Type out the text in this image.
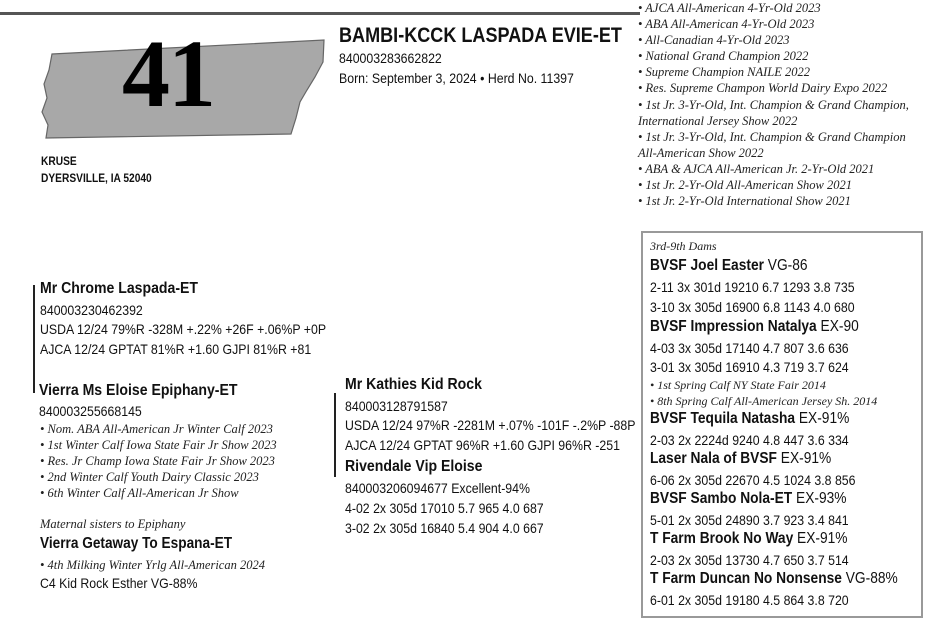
41	BAMBI-KCCK LASPADA EVIE-ET
840003283662822
Born: September 3, 2024 • Herd No. 11397
KRUSE
DYERSVILLE, IA 52040
• AJCA All-American 4-Yr-Old 2023
• ABA All-American 4-Yr-Old 2023
• All-Canadian 4-Yr-Old 2023
• National Grand Champion 2022
• Supreme Champion NAILE 2022
• Res. Supreme Champon World Dairy Expo 2022
• 1st Jr. 3-Yr-Old, Int. Champion & Grand Champion,
International Jersey Show 2022
• 1st Jr. 3-Yr-Old, Int. Champion & Grand Champion
All-American Show 2022
• ABA & AJCA All-American Jr. 2-Yr-Old 2021
• 1st Jr. 2-Yr-Old All-American Show 2021
• 1st Jr. 2-Yr-Old International Show 2021
Mr Chrome Laspada-ET
840003230462392
USDA 12/24 79%R -328M +.22% +26F +.06%P +0P
AJCA 12/24 GPTAT 81%R +1.60 GJPI 81%R +81
Vierra Ms Eloise Epiphany-ET
840003255668145
• Nom. ABA All-American Jr Winter Calf 2023
• 1st Winter Calf Iowa State Fair Jr Show 2023
• Res. Jr Champ Iowa State Fair Jr Show 2023
• 2nd Winter Calf Youth Dairy Classic 2023
• 6th Winter Calf All-American Jr Show
Maternal sisters to Epiphany
Vierra Getaway To Espana-ET
• 4th Milking Winter Yrlg All-American 2024
C4 Kid Rock Esther VG-88%
Mr Kathies Kid Rock
840003128791587
USDA 12/24 97%R -2281M +.07% -101F -.2%P -88P
AJCA 12/24 GPTAT 96%R +1.60 GJPI 96%R -251
Rivendale Vip Eloise
840003206094677 Excellent-94%
4-02 2x 305d 17010 5.7 965 4.0 687
3-02 2x 305d 16840 5.4 904 4.0 667
3rd-9th Dams
BVSF Joel Easter VG-86
2-11 3x 301d 19210 6.7 1293 3.8 735
3-10 3x 305d 16900 6.8 1143 4.0 680
BVSF Impression Natalya EX-90
4-03 3x 305d 17140 4.7 807 3.6 636
3-01 3x 305d 16910 4.3 719 3.7 624
• 1st Spring Calf NY State Fair 2014
• 8th Spring Calf All-American Jersey Sh. 2014
BVSF Tequila Natasha EX-91%
2-03 2x 2224d 9240 4.8 447 3.6 334
Laser Nala of BVSF EX-91%
6-06 2x 305d 22670 4.5 1024 3.8 856
BVSF Sambo Nola-ET EX-93%
5-01 2x 305d 24890 3.7 923 3.4 841
T Farm Brook No Way EX-91%
2-03 2x 305d 13730 4.7 650 3.7 514
T Farm Duncan No Nonsense VG-88%
6-01 2x 305d 19180 4.5 864 3.8 720
